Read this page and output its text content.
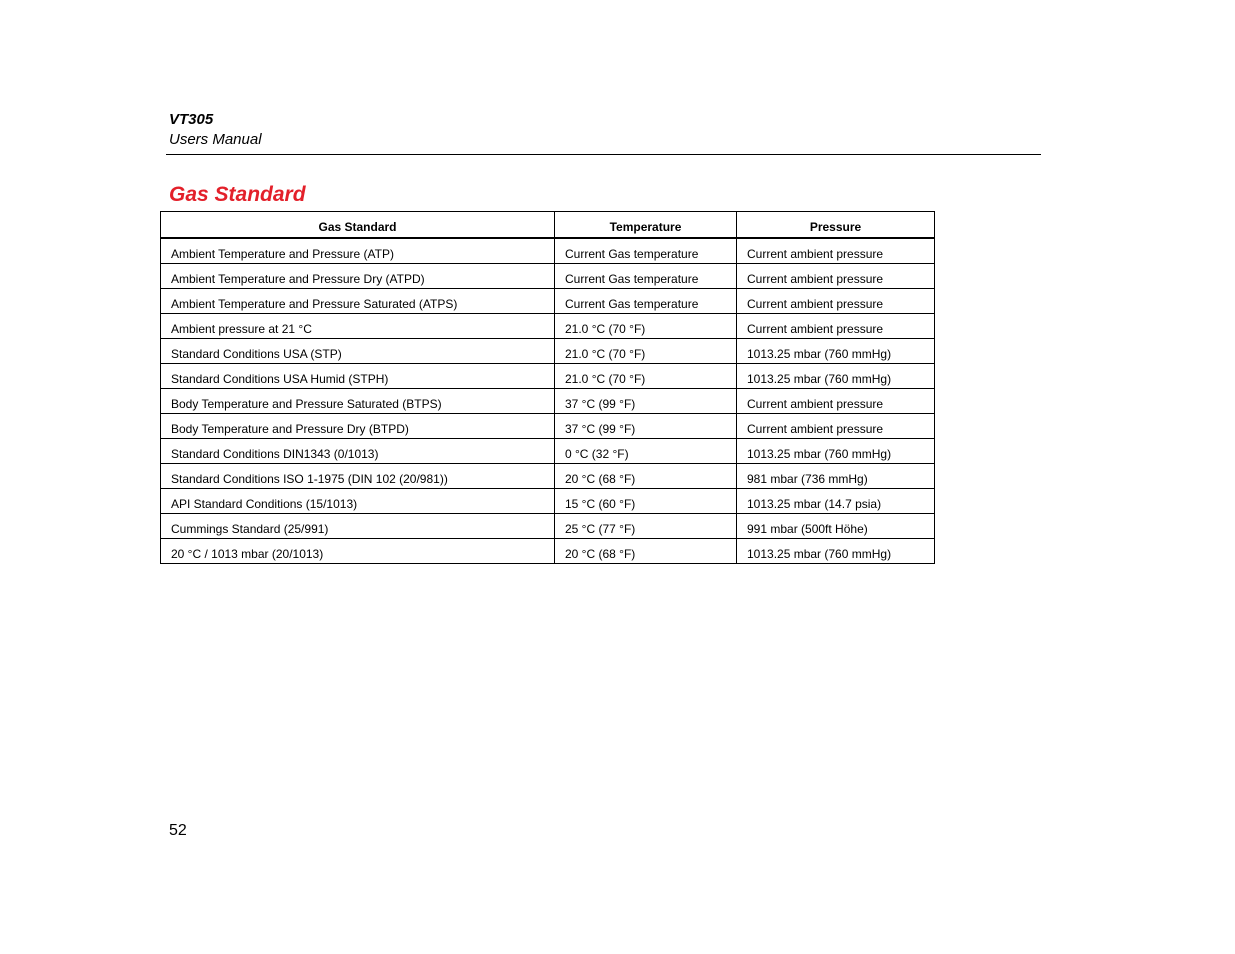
VT305
Users Manual
Gas Standard
Gas Standard	Temperature	Pressure
Ambient Temperature and Pressure (ATP)	Current Gas temperature	Current ambient pressure
Ambient Temperature and Pressure Dry (ATPD)	Current Gas temperature	Current ambient pressure
Ambient Temperature and Pressure Saturated (ATPS)	Current Gas temperature	Current ambient pressure
Ambient pressure at 21 °C	21.0 °C (70 °F)	Current ambient pressure
Standard Conditions USA (STP)	21.0 °C (70 °F)	1013.25 mbar (760 mmHg)
Standard Conditions USA Humid (STPH)	21.0 °C (70 °F)	1013.25 mbar (760 mmHg)
Body Temperature and Pressure Saturated (BTPS)	37 °C (99 °F)	Current ambient pressure
Body Temperature and Pressure Dry (BTPD)	37 °C (99 °F)	Current ambient pressure
Standard Conditions DIN1343 (0/1013)	0 °C (32 °F)	1013.25 mbar (760 mmHg)
Standard Conditions ISO 1-1975 (DIN 102 (20/981))	20 °C (68 °F)	981 mbar (736 mmHg)
API Standard Conditions (15/1013)	15 °C (60 °F)	1013.25 mbar (14.7 psia)
Cummings Standard (25/991)	25 °C (77 °F)	991 mbar (500ft Höhe)
20 °C / 1013 mbar (20/1013)	20 °C (68 °F)	1013.25 mbar (760 mmHg)
52
